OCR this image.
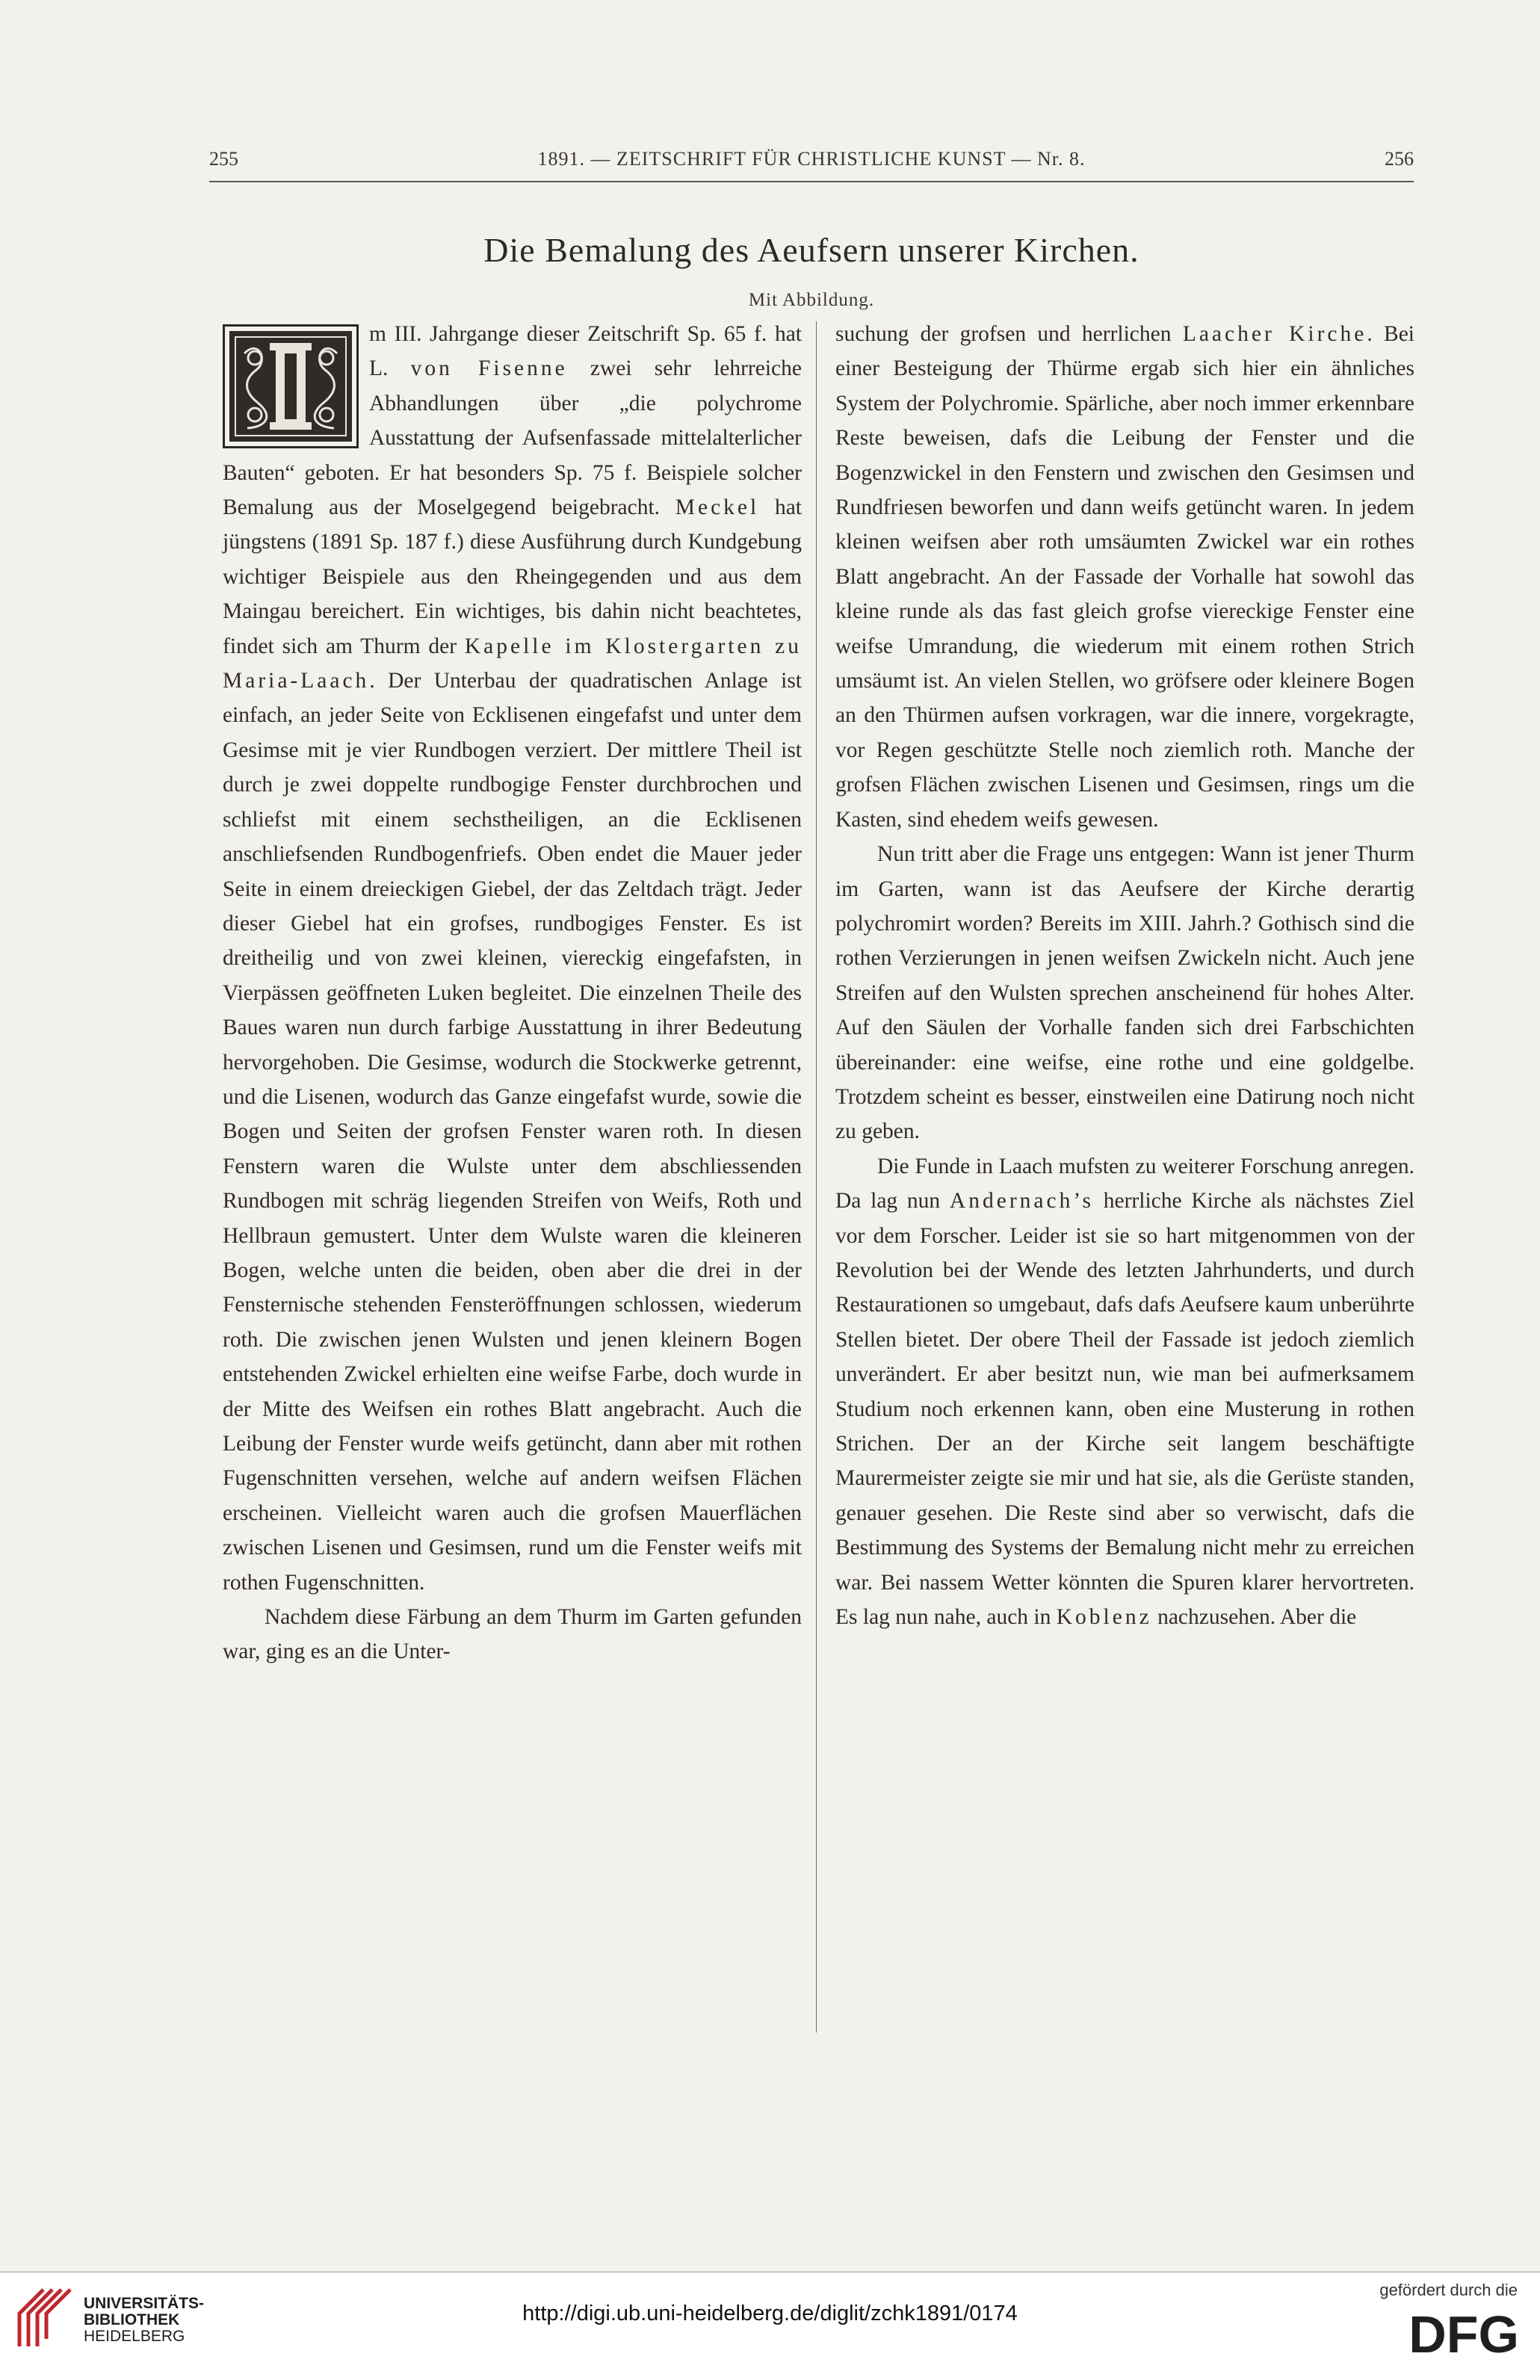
255	1891. — ZEITSCHRIFT FÜR CHRISTLICHE KUNST — Nr. 8.	256
Die Bemalung des Aeufsern unserer Kirchen.
Mit Abbildung.

m III. Jahrgange dieser Zeitschrift Sp. 65 f. hat L. von Fisenne zwei sehr lehrreiche Abhandlungen über „die polychrome Ausstattung der Aufsenfassade mittelalterlicher Bauten“ geboten. Er hat besonders Sp. 75 f. Beispiele solcher Bemalung aus der Moselgegend beigebracht. Meckel hat jüngstens (1891 Sp. 187 f.) diese Ausführung durch Kundgebung wichtiger Beispiele aus den Rheingegenden und aus dem Maingau bereichert. Ein wichtiges, bis dahin nicht beachtetes, findet sich am Thurm der Kapelle im Klostergarten zu Maria-Laach. Der Unterbau der quadratischen Anlage ist einfach, an jeder Seite von Ecklisenen eingefafst und unter dem Gesimse mit je vier Rundbogen verziert. Der mittlere Theil ist durch je zwei doppelte rundbogige Fenster durchbrochen und schliefst mit einem sechstheiligen, an die Ecklisenen anschliefsenden Rundbogenfriefs. Oben endet die Mauer jeder Seite in einem dreieckigen Giebel, der das Zeltdach trägt. Jeder dieser Giebel hat ein grofses, rundbogiges Fenster. Es ist dreitheilig und von zwei kleinen, viereckig eingefafsten, in Vierpässen geöffneten Luken begleitet. Die einzelnen Theile des Baues waren nun durch farbige Ausstattung in ihrer Bedeutung hervorgehoben. Die Gesimse, wodurch die Stockwerke getrennt, und die Lisenen, wodurch das Ganze eingefafst wurde, sowie die Bogen und Seiten der grofsen Fenster waren roth. In diesen Fenstern waren die Wulste unter dem abschliessenden Rundbogen mit schräg liegenden Streifen von Weifs, Roth und Hellbraun gemustert. Unter dem Wulste waren die kleineren Bogen, welche unten die beiden, oben aber die drei in der Fensternische stehenden Fensteröffnungen schlossen, wiederum roth. Die zwischen jenen Wulsten und jenen kleinern Bogen entstehenden Zwickel erhielten eine weifse Farbe, doch wurde in der Mitte des Weifsen ein rothes Blatt angebracht. Auch die Leibung der Fenster wurde weifs getüncht, dann aber mit rothen Fugenschnitten versehen, welche auf andern weifsen Flächen erscheinen. Vielleicht waren auch die grofsen Mauerflächen zwischen Lisenen und Gesimsen, rund um die Fenster weifs mit rothen Fugenschnitten.

Nachdem diese Färbung an dem Thurm im Garten gefunden war, ging es an die Unter-

suchung der grofsen und herrlichen Laacher Kirche. Bei einer Besteigung der Thürme ergab sich hier ein ähnliches System der Polychromie. Spärliche, aber noch immer erkennbare Reste beweisen, dafs die Leibung der Fenster und die Bogenzwickel in den Fenstern und zwischen den Gesimsen und Rundfriesen beworfen und dann weifs getüncht waren. In jedem kleinen weifsen aber roth umsäumten Zwickel war ein rothes Blatt angebracht. An der Fassade der Vorhalle hat sowohl das kleine runde als das fast gleich grofse viereckige Fenster eine weifse Umrandung, die wiederum mit einem rothen Strich umsäumt ist. An vielen Stellen, wo gröfsere oder kleinere Bogen an den Thürmen aufsen vorkragen, war die innere, vorgekragte, vor Regen geschützte Stelle noch ziemlich roth. Manche der grofsen Flächen zwischen Lisenen und Gesimsen, rings um die Kasten, sind ehedem weifs gewesen.

Nun tritt aber die Frage uns entgegen: Wann ist jener Thurm im Garten, wann ist das Aeufsere der Kirche derartig polychromirt worden? Bereits im XIII. Jahrh.? Gothisch sind die rothen Verzierungen in jenen weifsen Zwickeln nicht. Auch jene Streifen auf den Wulsten sprechen anscheinend für hohes Alter. Auf den Säulen der Vorhalle fanden sich drei Farbschichten übereinander: eine weifse, eine rothe und eine goldgelbe. Trotzdem scheint es besser, einstweilen eine Datirung noch nicht zu geben.

Die Funde in Laach mufsten zu weiterer Forschung anregen. Da lag nun Andernach’s herrliche Kirche als nächstes Ziel vor dem Forscher. Leider ist sie so hart mitgenommen von der Revolution bei der Wende des letzten Jahrhunderts, und durch Restaurationen so umgebaut, dafs dafs Aeufsere kaum unberührte Stellen bietet. Der obere Theil der Fassade ist jedoch ziemlich unverändert. Er aber besitzt nun, wie man bei aufmerksamem Studium noch erkennen kann, oben eine Musterung in rothen Strichen. Der an der Kirche seit langem beschäftigte Maurermeister zeigte sie mir und hat sie, als die Gerüste standen, genauer gesehen. Die Reste sind aber so verwischt, dafs die Bestimmung des Systems der Bemalung nicht mehr zu erreichen war. Bei nassem Wetter könnten die Spuren klarer hervortreten. Es lag nun nahe, auch in Koblenz nachzusehen. Aber die

UNIVERSITÄTS-
BIBLIOTHEK
HEIDELBERG
http://digi.ub.uni-heidelberg.de/diglit/zchk1891/0174
gefördert durch die
DFG
